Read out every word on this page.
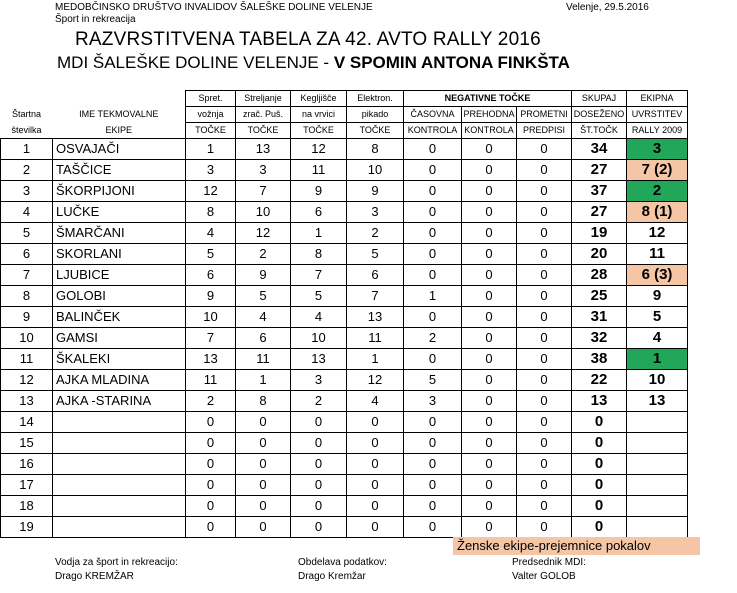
MEDOBČINSKO DRUŠTVO INVALIDOV ŠALEŠKE DOLINE VELENJE	Velenje, 29.5.2016
Šport in rekreacija
RAZVRSTITVENA TABELA ZA 42. AVTO RALLY 2016
MDI ŠALEŠKE DOLINE VELENJE - V SPOMIN ANTONA FINKŠTA
		Spret.	Streljanje	Kegljišče	Elektron.	NEGATIVNE TOČKE			SKUPAJ	EKIPNA
Štartna	IME TEKMOVALNE	vožnja	zrač. Puš.	na vrvici	pikado	ČASOVNA	PREHODNA	PROMETNI	DOSEŽENO	UVRSTITEV
številka	EKIPE	TOČKE	TOČKE	TOČKE	TOČKE	KONTROLA	KONTROLA	PREDPISI	ŠT.TOČK	RALLY 2009
1	OSVAJAČI	1	13	12	8	0	0	0	34	3
2	TAŠČICE	3	3	11	10	0	0	0	27	7 (2)
3	ŠKORPIJONI	12	7	9	9	0	0	0	37	2
4	LUČKE	8	10	6	3	0	0	0	27	8 (1)
5	ŠMARČANI	4	12	1	2	0	0	0	19	12
6	SKORLANI	5	2	8	5	0	0	0	20	11
7	LJUBICE	6	9	7	6	0	0	0	28	6 (3)
8	GOLOBI	9	5	5	7	1	0	0	25	9
9	BALINČEK	10	4	4	13	0	0	0	31	5
10	GAMSI	7	6	10	11	2	0	0	32	4
11	ŠKALEKI	13	11	13	1	0	0	0	38	1
12	AJKA MLADINA	11	1	3	12	5	0	0	22	10
13	AJKA -STARINA	2	8	2	4	3	0	0	13	13
14		0	0	0	0	0	0	0	0	
15		0	0	0	0	0	0	0	0	
16		0	0	0	0	0	0	0	0	
17		0	0	0	0	0	0	0	0	
18		0	0	0	0	0	0	0	0	
19		0	0	0	0	0	0	0	0	
Ženske ekipe-prejemnice pokalov
Vodja za šport in rekreacijo:
Drago KREMŽAR
Obdelava podatkov:
Drago Kremžar
Predsednik MDI:
Valter GOLOB
